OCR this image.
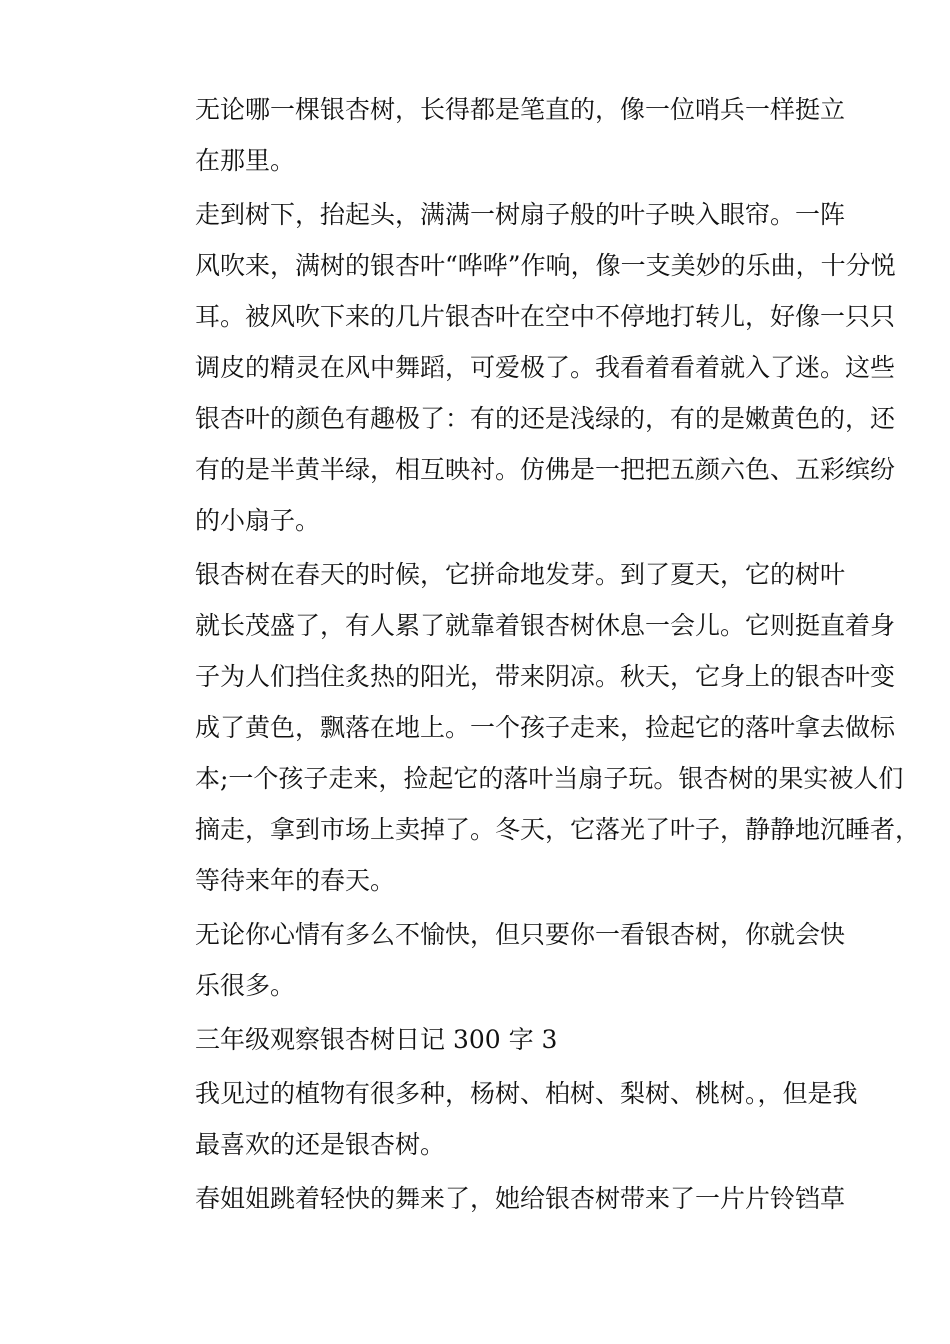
无论哪一棵银杏树，长得都是笔直的，像一位哨兵一样挺立
在那里。

走到树下，抬起头，满满一树扇子般的叶子映入眼帘。一阵
风吹来，满树的银杏叶“哗哗”作响，像一支美妙的乐曲，十分悦
耳。被风吹下来的几片银杏叶在空中不停地打转儿，好像一只只
调皮的精灵在风中舞蹈，可爱极了。我看着看着就入了迷。这些
银杏叶的颜色有趣极了：有的还是浅绿的，有的是嫩黄色的，还
有的是半黄半绿，相互映衬。仿佛是一把把五颜六色、五彩缤纷
的小扇子。

银杏树在春天的时候，它拼命地发芽。到了夏天，它的树叶
就长茂盛了，有人累了就靠着银杏树休息一会儿。它则挺直着身
子为人们挡住炙热的阳光，带来阴凉。秋天，它身上的银杏叶变
成了黄色，飘落在地上。一个孩子走来，捡起它的落叶拿去做标
本;一个孩子走来，捡起它的落叶当扇子玩。银杏树的果实被人们
摘走，拿到市场上卖掉了。冬天，它落光了叶子，静静地沉睡者，
等待来年的春天。

无论你心情有多么不愉快，但只要你一看银杏树，你就会快
乐很多。

三年级观察银杏树日记 300 字 3

我见过的植物有很多种，杨树、柏树、梨树、桃树。，但是我
最喜欢的还是银杏树。

春姐姐跳着轻快的舞来了，她给银杏树带来了一片片铃铛草
